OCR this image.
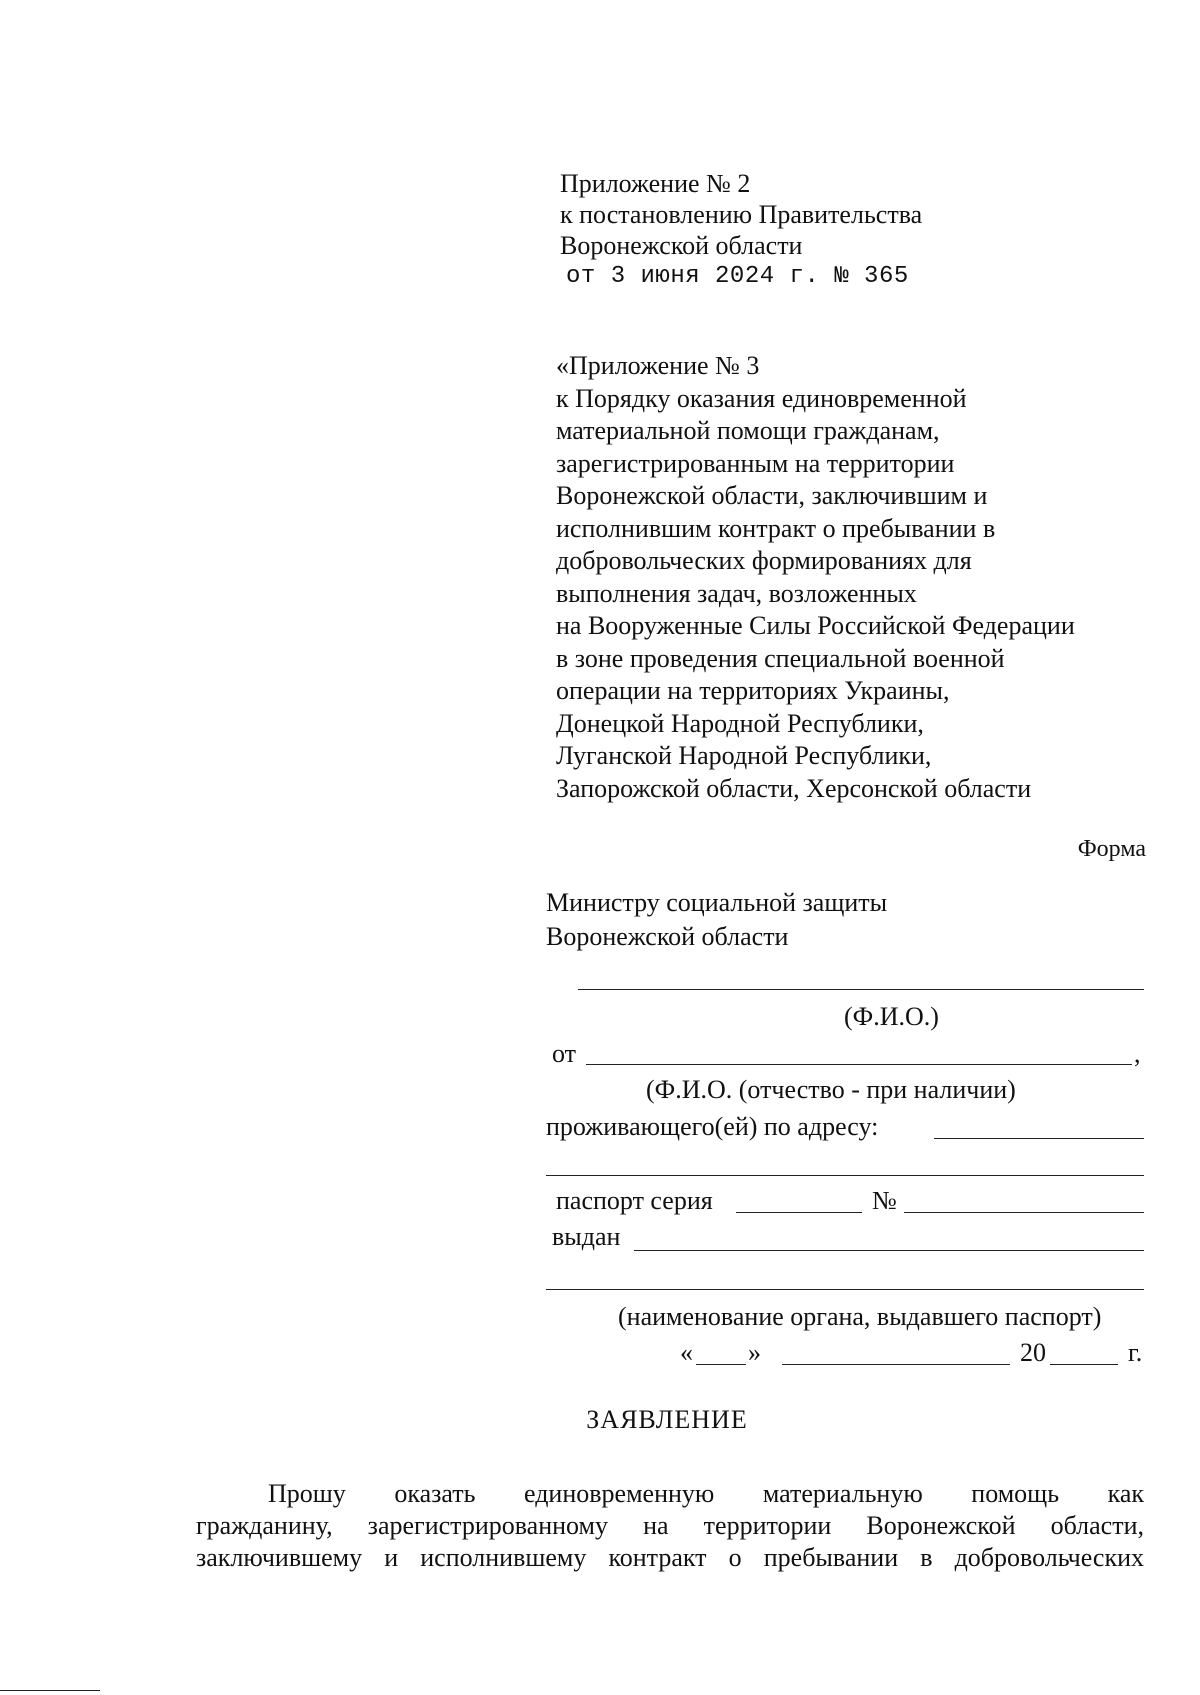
Приложение № 2
к постановлению Правительства
Воронежской области
от 3 июня 2024 г. № 365
«Приложение № 3
к Порядку оказания единовременной
материальной помощи гражданам,
зарегистрированным на территории
Воронежской области, заключившим и
исполнившим контракт о пребывании в
добровольческих формированиях для
выполнения задач, возложенных
на Вооруженные Силы Российской Федерации
в зоне проведения специальной военной
операции на территориях Украины,
Донецкой Народной Республики,
Луганской Народной Республики,
Запорожской области, Херсонской области
Форма
Министру социальной защиты
Воронежской области
(Ф.И.О.)
от	,
(Ф.И.О. (отчество - при наличии)
проживающего(ей) по адресу:
паспорт серия	№
выдан
(наименование органа, выдавшего паспорт)
« »	20	г.
ЗАЯВЛЕНИЕ
Прошу    оказать    единовременную    материальную    помощь    как
гражданину, зарегистрированному на территории Воронежской области,
заключившему и исполнившему контракт о пребывании в добровольческих
